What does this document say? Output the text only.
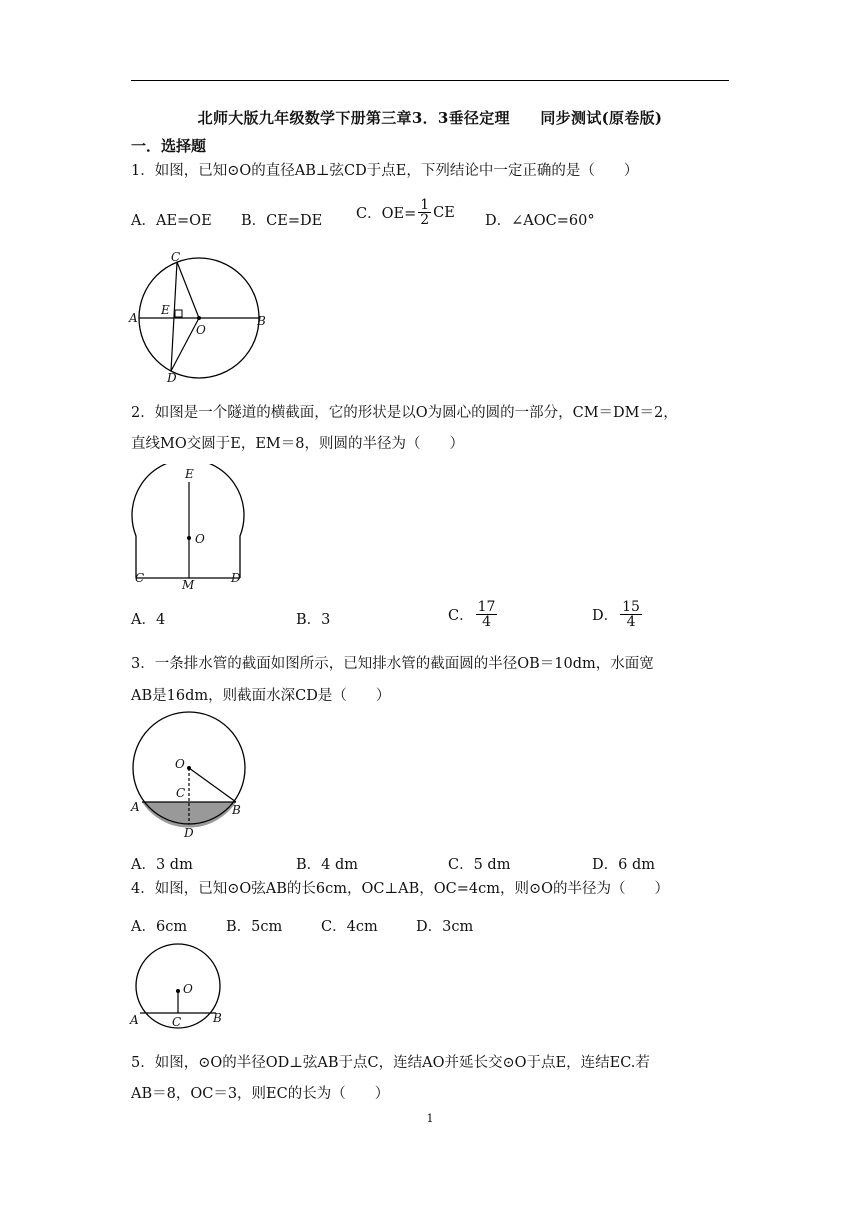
北师大版九年级数学下册第三章3．3垂径定理　　同步测试(原卷版)
一．选择题
1．如图，已知⊙O的直径AB⊥弦CD于点E，下列结论中一定正确的是（　　）
A．AE=OE B．CE=DE C．$OE= \frac{1}{2}$ CE
D．∠AOC=60°
C
A
E
O
B
D
2．如图是一个隧道的横截面，它的形状是以O为圆心的圆的一部分，CM＝DM＝2，
直线MO交圆于E，EM＝8，则圆的半径为（　　）
E
O
C	M	D
A．4	B．3	C． $\frac{17}{4}$	D． $\frac{15}{4}$
3．一条排水管的截面如图所示，已知排水管的截面圆的半径OB＝10dm，水面宽
AB是16dm，则截面水深CD是（　　）
O
C
A	B
D
A．3 dm	B．4 dm	C．5 dm	D．6 dm
4．如图，已知⊙O弦AB的长6cm，OC⊥AB，OC=4cm，则⊙O的半径为（　　）
A．6cm	B．5cm	C．4cm	D．3cm
O
A	C	B
5．如图，⊙O的半径OD⊥弦AB于点C，连结AO并延长交⊙O于点E，连结EC.若
AB＝8，OC＝3，则EC的长为（　　）
1
